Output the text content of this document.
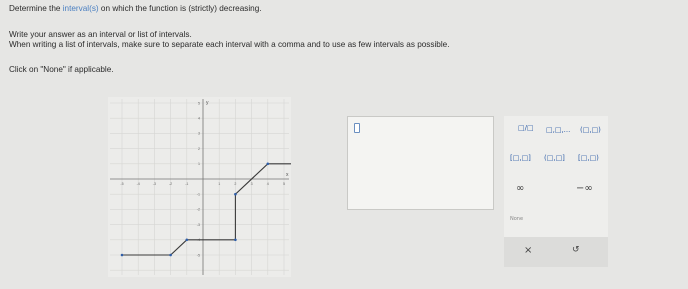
Determine the interval(s) on which the function is (strictly) decreasing.
Write your answer as an interval or list of intervals.
When writing a list of intervals, make sure to separate each interval with a comma and to use as few intervals as possible.
Click on "None" if applicable.
y
x
-5	-4	-3	-2	-1	1	2	3	4	5
5
4
3
2
1
-1
-2
-3
-4
-5
□/□ □,□,... (□,□)
[□,□] (□,□] [□,□)
∞	−∞
None
×	↺
